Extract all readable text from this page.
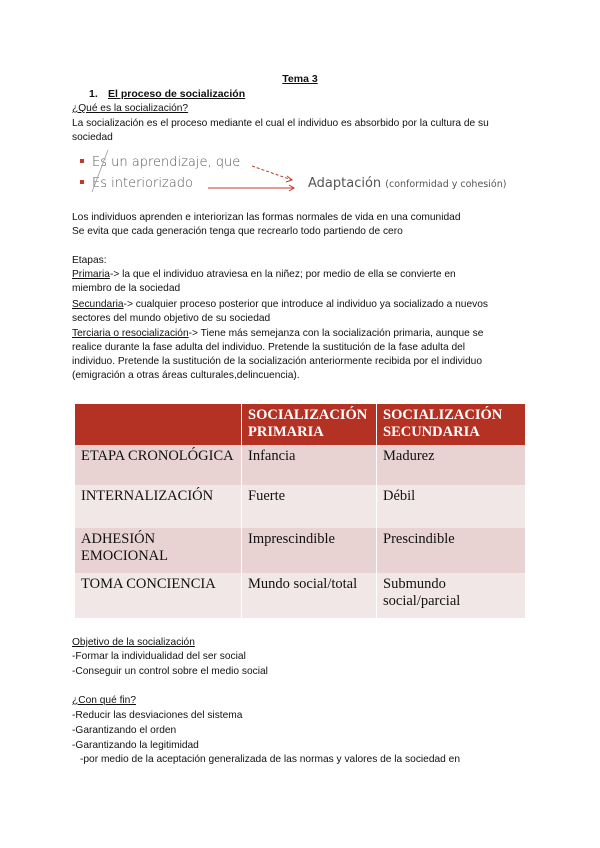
Tema 3
1. El proceso de socialización
¿Qué es la socialización?
La socialización es el proceso mediante el cual el individuo es absorbido por la cultura de su
sociedad
Es un aprendizaje, que
Es interiorizado	Adaptación (conformidad y cohesión)
Los individuos aprenden e interiorizan las formas normales de vida en una comunidad
Se evita que cada generación tenga que recrearlo todo partiendo de cero
Etapas:
Primaria-> la que el individuo atraviesa en la niñez; por medio de ella se convierte en
miembro de la sociedad
Secundaria-> cualquier proceso posterior que introduce al individuo ya socializado a nuevos
sectores del mundo objetivo de su sociedad
Terciaria o resocialización-> Tiene más semejanza con la socialización primaria, aunque se
realice durante la fase adulta del individuo. Pretende la sustitución de la fase adulta del
individuo. Pretende la sustitución de la socialización anteriormente recibida por el individuo
(emigración a otras áreas culturales,delincuencia).
	SOCIALIZACIÓN PRIMARIA	SOCIALIZACIÓN SECUNDARIA
ETAPA CRONOLÓGICA	Infancia	Madurez
INTERNALIZACIÓN	Fuerte	Débil
ADHESIÓN EMOCIONAL	Imprescindible	Prescindible
TOMA CONCIENCIA	Mundo social/total	Submundo social/parcial
Objetivo de la socialización
-Formar la individualidad del ser social
-Conseguir un control sobre el medio social
¿Con qué fin?
-Reducir las desviaciones del sistema
-Garantizando el orden
-Garantizando la legitimidad
-por medio de la aceptación generalizada de las normas y valores de la sociedad en
